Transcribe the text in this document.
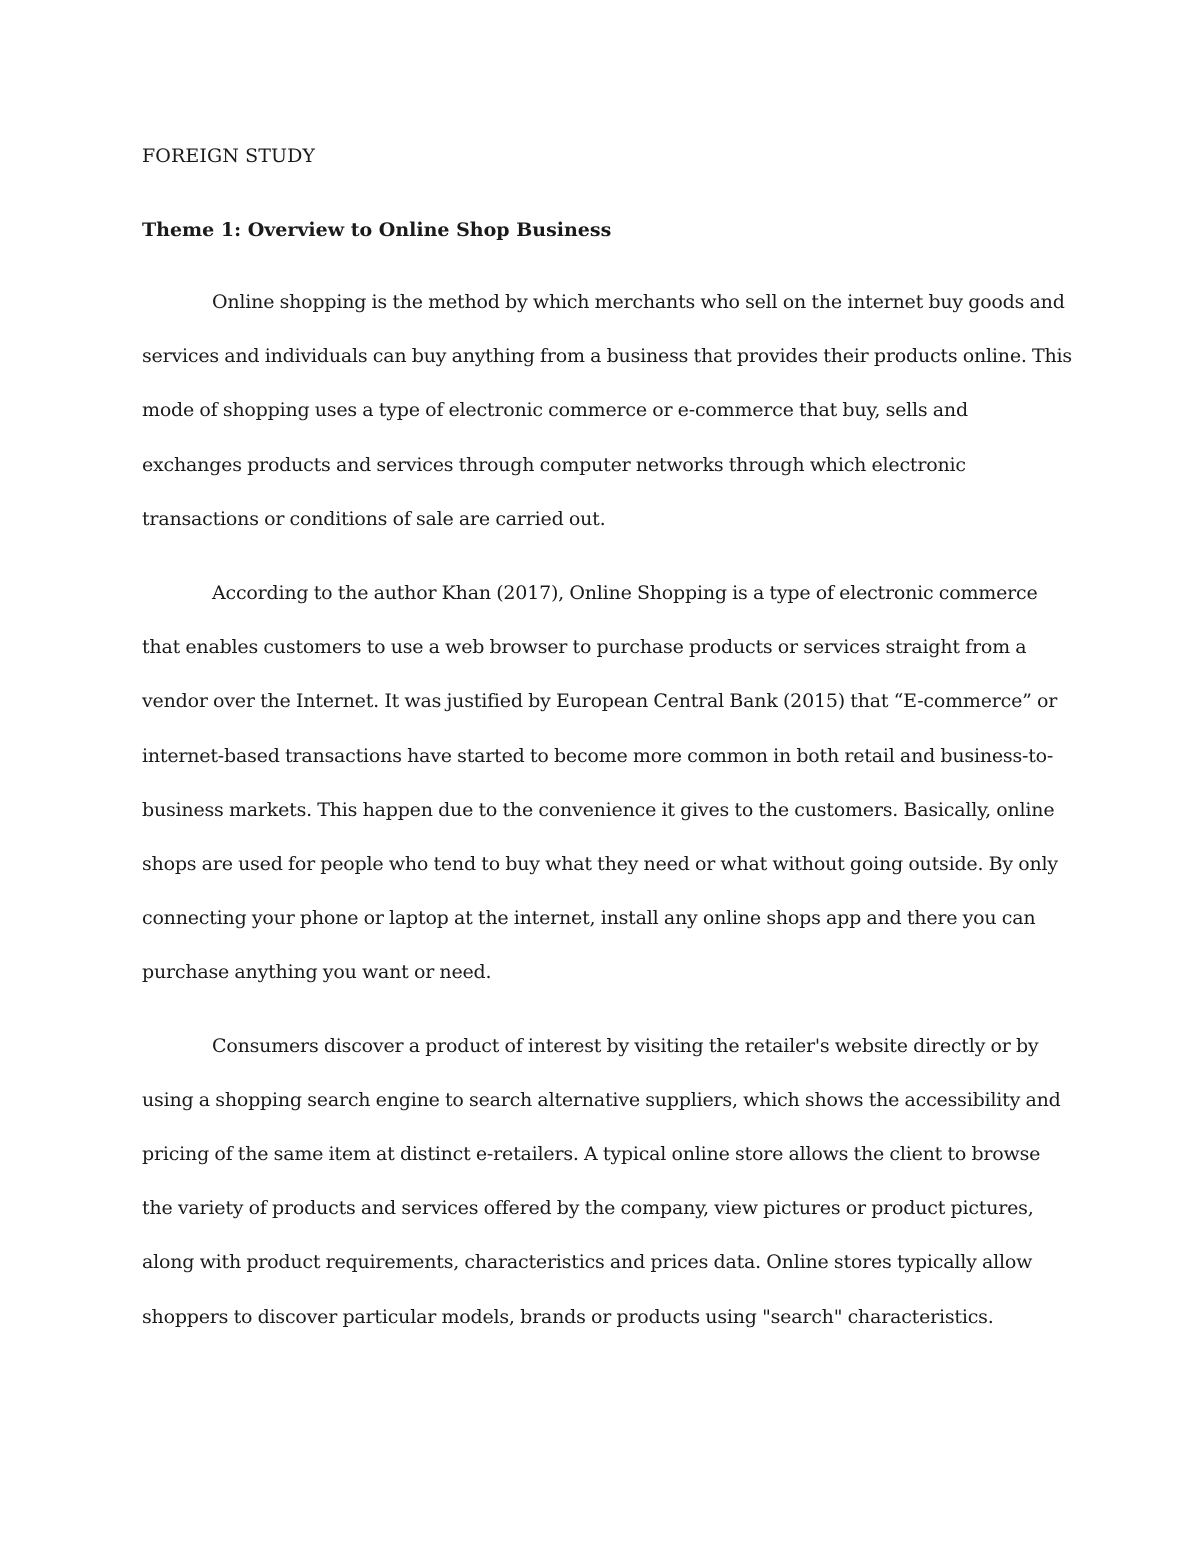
FOREIGN STUDY
Theme 1: Overview to Online Shop Business

Online shopping is the method by which merchants who sell on the internet buy goods and services and individuals can buy anything from a business that provides their products online. This mode of shopping uses a type of electronic commerce or e-commerce that buy, sells and exchanges products and services through computer networks through which electronic transactions or conditions of sale are carried out.

According to the author Khan (2017), Online Shopping is a type of electronic commerce that enables customers to use a web browser to purchase products or services straight from a vendor over the Internet. It was justified by European Central Bank (2015) that “E-commerce” or internet-based transactions have started to become more common in both retail and business-to-business markets. This happen due to the convenience it gives to the customers. Basically, online shops are used for people who tend to buy what they need or what without going outside. By only connecting your phone or laptop at the internet, install any online shops app and there you can purchase anything you want or need.

Consumers discover a product of interest by visiting the retailer's website directly or by using a shopping search engine to search alternative suppliers, which shows the accessibility and pricing of the same item at distinct e-retailers. A typical online store allows the client to browse the variety of products and services offered by the company, view pictures or product pictures, along with product requirements, characteristics and prices data. Online stores typically allow shoppers to discover particular models, brands or products using "search" characteristics.
